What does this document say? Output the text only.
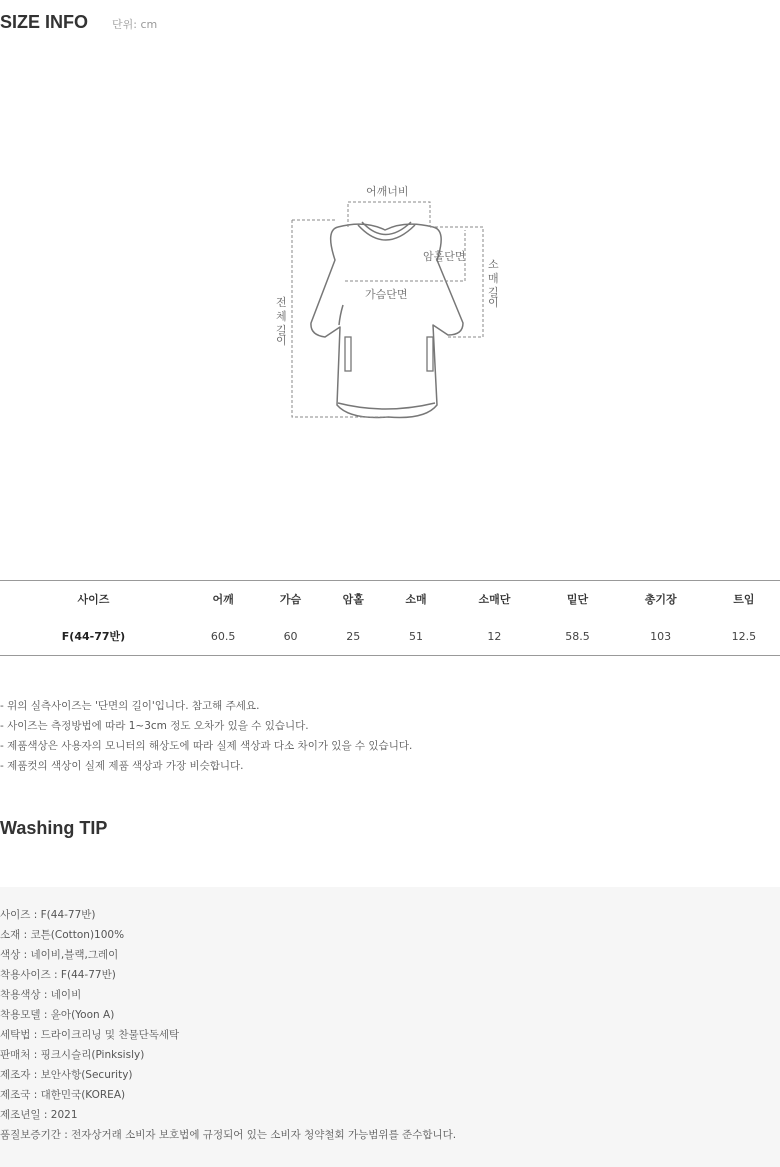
SIZE INFO 단위: cm
어깨너비
암홀단면
가슴단면
전
체
길
이
소
매
길
이
사이즈	어깨	가슴	암홀	소매	소매단	밑단	총기장	트임
F(44-77반)	60.5	60	25	51	12	58.5	103	12.5
- 위의 실측사이즈는 '단면의 길이'입니다. 참고해 주세요.
- 사이즈는 측정방법에 따라 1~3cm 정도 오차가 있을 수 있습니다.
- 제품색상은 사용자의 모니터의 해상도에 따라 실제 색상과 다소 차이가 있을 수 있습니다.
- 제품컷의 색상이 실제 제품 색상과 가장 비슷합니다.
Washing TIP
사이즈 : F(44-77반)
소재 : 코튼(Cotton)100%
색상 : 네이비,블랙,그레이
착용사이즈 : F(44-77반)
착용색상 : 네이비
착용모델 : 윤아(Yoon A)
세탁법 : 드라이크리닝 및 찬물단독세탁
판매처 : 핑크시슬리(Pinksisly)
제조자 : 보안사항(Security)
제조국 : 대한민국(KOREA)
제조년일 : 2021
품질보증기간 : 전자상거래 소비자 보호법에 규정되어 있는 소비자 청약철회 가능범위를 준수합니다.
